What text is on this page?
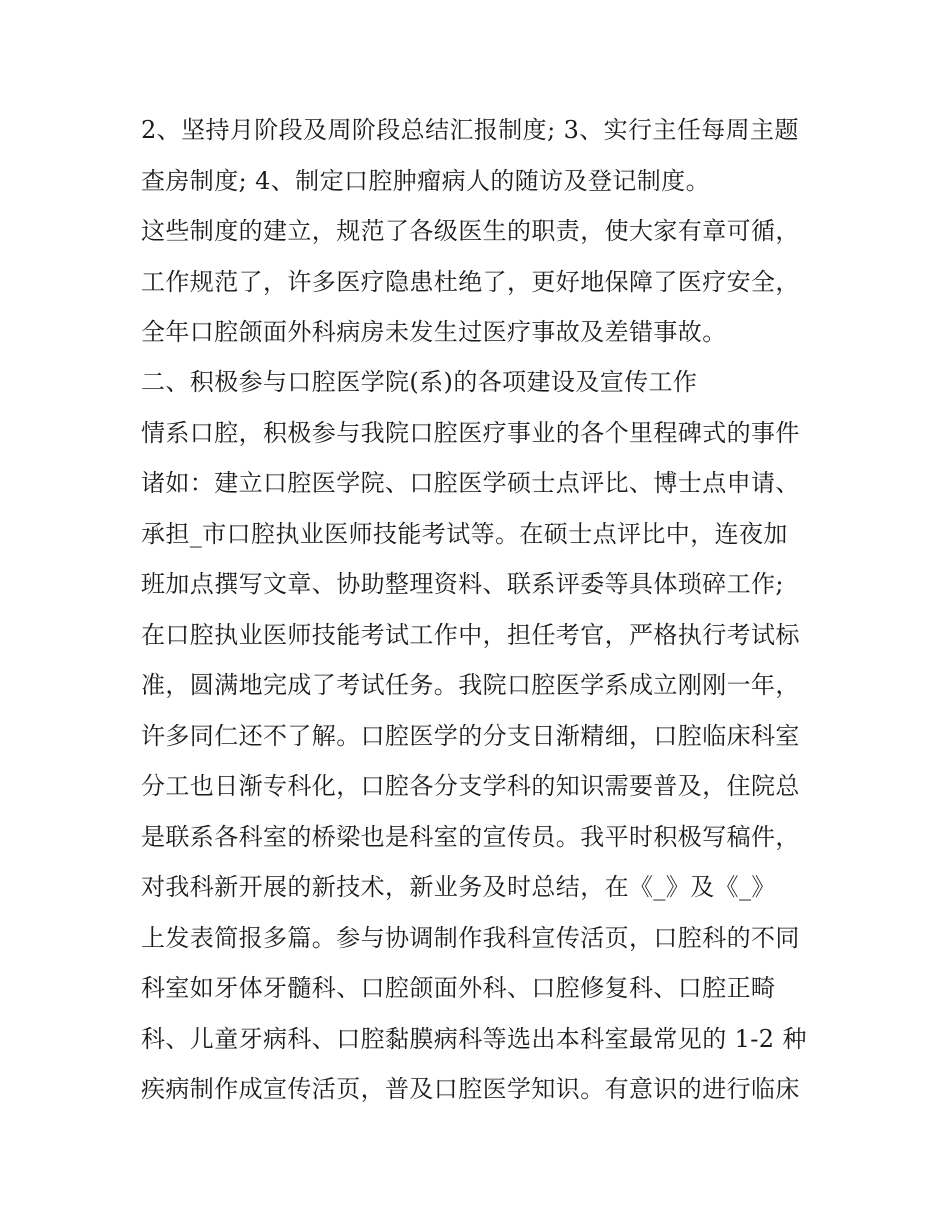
2、坚持月阶段及周阶段总结汇报制度; 3、实行主任每周主题
查房制度; 4、制定口腔肿瘤病人的随访及登记制度。
这些制度的建立，规范了各级医生的职责，使大家有章可循，
工作规范了，许多医疗隐患杜绝了，更好地保障了医疗安全，
全年口腔颌面外科病房未发生过医疗事故及差错事故。
二、积极参与口腔医学院(系)的各项建设及宣传工作
情系口腔，积极参与我院口腔医疗事业的各个里程碑式的事件
诸如：建立口腔医学院、口腔医学硕士点评比、博士点申请、
承担_市口腔执业医师技能考试等。在硕士点评比中，连夜加
班加点撰写文章、协助整理资料、联系评委等具体琐碎工作;
在口腔执业医师技能考试工作中，担任考官，严格执行考试标
准，圆满地完成了考试任务。我院口腔医学系成立刚刚一年，
许多同仁还不了解。口腔医学的分支日渐精细，口腔临床科室
分工也日渐专科化，口腔各分支学科的知识需要普及，住院总
是联系各科室的桥梁也是科室的宣传员。我平时积极写稿件，
对我科新开展的新技术，新业务及时总结，在《_》及《_》
上发表简报多篇。参与协调制作我科宣传活页，口腔科的不同
科室如牙体牙髓科、口腔颌面外科、口腔修复科、口腔正畸
科、儿童牙病科、口腔黏膜病科等选出本科室最常见的 1-2 种
疾病制作成宣传活页，普及口腔医学知识。有意识的进行临床
